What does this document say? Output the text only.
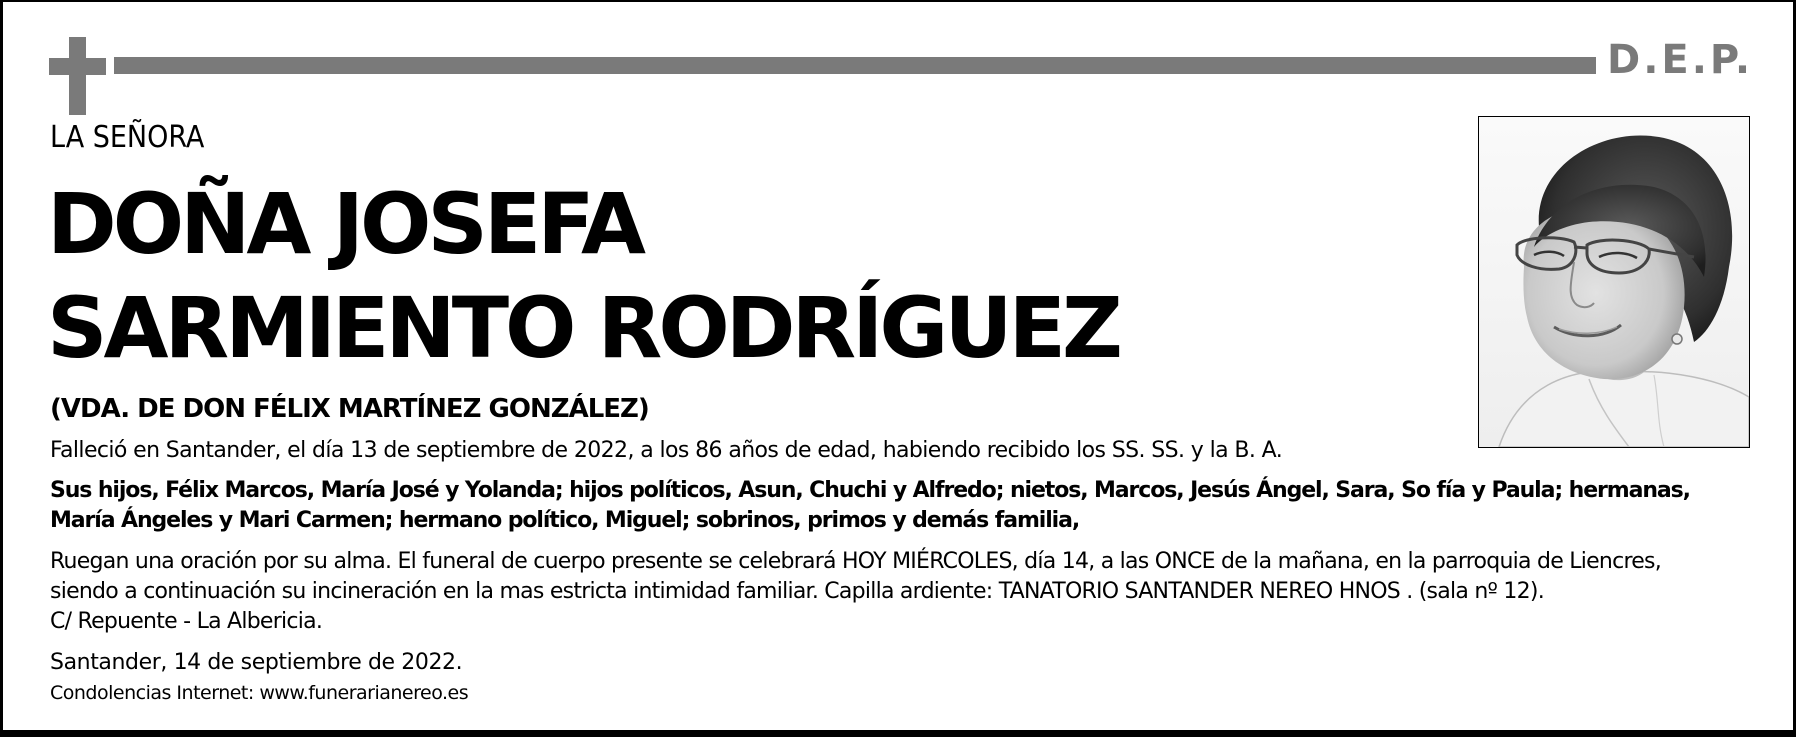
D.E.P.
LA SEÑORA
DOÑA JOSEFA
SARMIENTO RODRÍGUEZ
(VDA. DE DON FÉLIX MARTÍNEZ GONZÁLEZ)
Falleció en Santander, el día 13 de septiembre de 2022, a los 86 años de edad, habiendo recibido los SS. SS. y la B. A.
Sus hijos, Félix Marcos, María José y Yolanda; hijos políticos, Asun, Chuchi y Alfredo; nietos, Marcos, Jesús Ángel, Sara, So fía y Paula; hermanas, María Ángeles y Mari Carmen; hermano político, Miguel; sobrinos, primos y demás familia,
Ruegan una oración por su alma. El funeral de cuerpo presente se celebrará HOY MIÉRCOLES, día 14, a las ONCE de la mañana, en la parroquia de Liencres,
siendo a continuación su incineración en la mas estricta intimidad familiar. Capilla ardiente: TANATORIO SANTANDER NEREO HNOS . (sala nº 12).
C/ Repuente - La Albericia.
Santander, 14 de septiembre de 2022.
Condolencias Internet: www.funerarianereo.es
